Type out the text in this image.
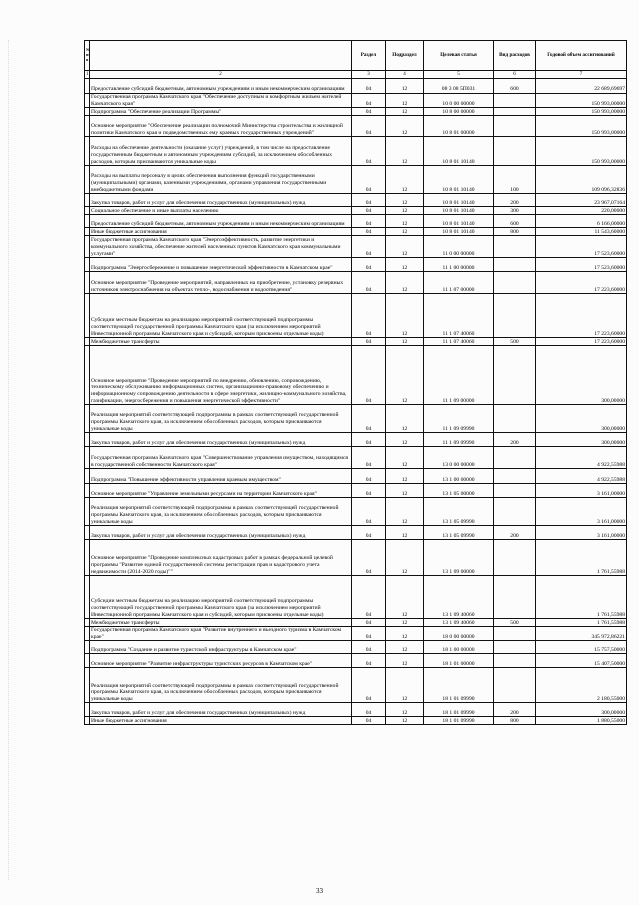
№ п/п		Раздел	Подраздел	Целевая статья	Вид расходов	Годовой объем ассигнований
1	2	3	4	5	6	7
	Предоставление субсидий бюджетным, автономным учреждениям и иным некоммерческим организациям	04	12	08 3 08 5П031	600	22 689,69697
	Государственная программа Камчатского края "Обеспечение доступным и комфортным жильем жителей Камчатского края"	04	12	10 0 00 00000		150 993,00000
	Подпрограмма "Обеспечение реализации Программы"	04	12	10 8 00 00000		150 993,00000
	Основное мероприятие "Обеспечение реализации полномочий Министерства строительства и жилищной политики Камчатского края и подведомственных ему краевых государственных учреждений"	04	12	10 8 01 00000		150 993,00000
	Расходы на обеспечение деятельности (оказание услуг) учреждений, в том числе на предоставление государственным бюджетным и автономным учреждениям субсидий, за исключением обособленных расходов, которым присваиваются уникальные коды	04	12	10 8 01 10140		150 993,00000
	Расходы на выплаты персоналу в целях обеспечения выполнения функций государственными (муниципальными) органами, казенными учреждениями, органами управления государственными внебюджетными фондами	04	12	10 8 01 10140	100	109 096,32836
	Закупка товаров, работ и услуг для обеспечения государственных (муниципальных) нужд	04	12	10 8 01 10140	200	23 967,07164
	Социальное обеспечение и иные выплаты населению	04	12	10 8 01 10140	300	220,00000
	Предоставление субсидий бюджетным, автономным учреждениям и иным некоммерческим организациям	04	12	10 8 01 10140	600	6 166,00000
	Иные бюджетные ассигнования	04	12	10 8 01 10140	800	11 543,60000
	Государственная программа Камчатского края "Энергоэффективность, развитие энергетики и коммунального хозяйства, обеспечение жителей населенных пунктов Камчатского края коммунальными услугами"	04	12	11 0 00 00000		17 523,60000
	Подпрограмма "Энергосбережение и повышение энергетической эффективности в Камчатском крае"	04	12	11 1 00 00000		17 523,60000
	Основное мероприятие "Проведение мероприятий, направленных на приобретение, установку резервных источников электроснабжения на объектах тепло-, водоснабжения и водоотведения"	04	12	11 1 07 00000		17 223,60000
	Субсидии местным бюджетам на реализацию мероприятий соответствующей подпрограммы соответствующей государственной программы Камчатского края (за исключением мероприятий Инвестиционной программы Камчатского края и субсидий, которым присвоены отдельные коды)	04	12	11 1 07 40060		17 223,60000
	Межбюджетные трансферты	04	12	11 1 07 40060	500	17 223,60000
	Основное мероприятие "Проведение мероприятий по внедрению, обновлению, сопровождению, техническому обслуживанию информационных систем, организационно-правовому обеспечению и информационному сопровождению деятельности в сфере энергетики, жилищно-коммунального хозяйства, газификации, энергосбережения и повышения энергетической эффективности"	04	12	11 1 09 00000		300,00000
	Реализация мероприятий соответствующей подпрограммы в рамках соответствующей государственной программы Камчатского края, за исключением обособленных расходов, которым присваиваются уникальные коды	04	12	11 1 09 09990		300,00000
	Закупка товаров, работ и услуг для обеспечения государственных (муниципальных) нужд	04	12	11 1 09 09990	200	300,00000
	Государственная программа Камчатского края "Совершенствование управления имуществом, находящимся в государственной собственности Камчатского края"	04	12	13 0 00 00000		4 922,55988
	Подпрограмма "Повышение эффективности управления краевым имуществом"	04	12	13 1 00 00000		4 922,55988
	Основное мероприятие "Управление земельными ресурсами на территории Камчатского края"	04	12	13 1 05 00000		3 161,00000
	Реализация мероприятий соответствующей подпрограммы в рамках соответствующей государственной программы Камчатского края, за исключением обособленных расходов, которым присваиваются уникальные коды	04	12	13 1 05 09990		3 161,00000
	Закупка товаров, работ и услуг для обеспечения государственных (муниципальных) нужд	04	12	13 1 05 09990	200	3 161,00000
	Основное мероприятие "Проведение комплексных кадастровых работ в рамках федеральной целевой программы "Развитие единой государственной системы регистрации прав и кадастрового учета недвижимости (2014-2020 годы)""	04	12	13 1 09 00000		1 761,55988
	Субсидии местным бюджетам на реализацию мероприятий соответствующей подпрограммы соответствующей государственной программы Камчатского края (за исключением мероприятий Инвестиционной программы Камчатского края и субсидий, которым присвоены отдельные коды)	04	12	13 1 09 40060		1 761,55988
	Межбюджетные трансферты	04	12	13 1 09 40060	500	1 761,55988
	Государственная программа Камчатского края "Развитие внутреннего и въездного туризма в Камчатском крае"	04	12	18 0 00 00000		345 972,86221
	Подпрограмма "Создание и развитие туристской инфраструктуры в Камчатском крае"	04	12	18 1 00 00000		15 757,50000
	Основное мероприятие "Развитие инфраструктуры туристских ресурсов в Камчатском крае"	04	12	18 1 01 00000		15 407,50000
	Реализация мероприятий соответствующей подпрограммы в рамках соответствующей государственной программы Камчатского края, за исключением обособленных расходов, которым присваиваются уникальные коды	04	12	18 1 01 09990		2 180,55000
	Закупка товаров, работ и услуг для обеспечения государственных (муниципальных) нужд	04	12	18 1 01 09990	200	300,00000
	Иные бюджетные ассигнования	04	12	18 1 01 09990	800	1 880,55000
33
